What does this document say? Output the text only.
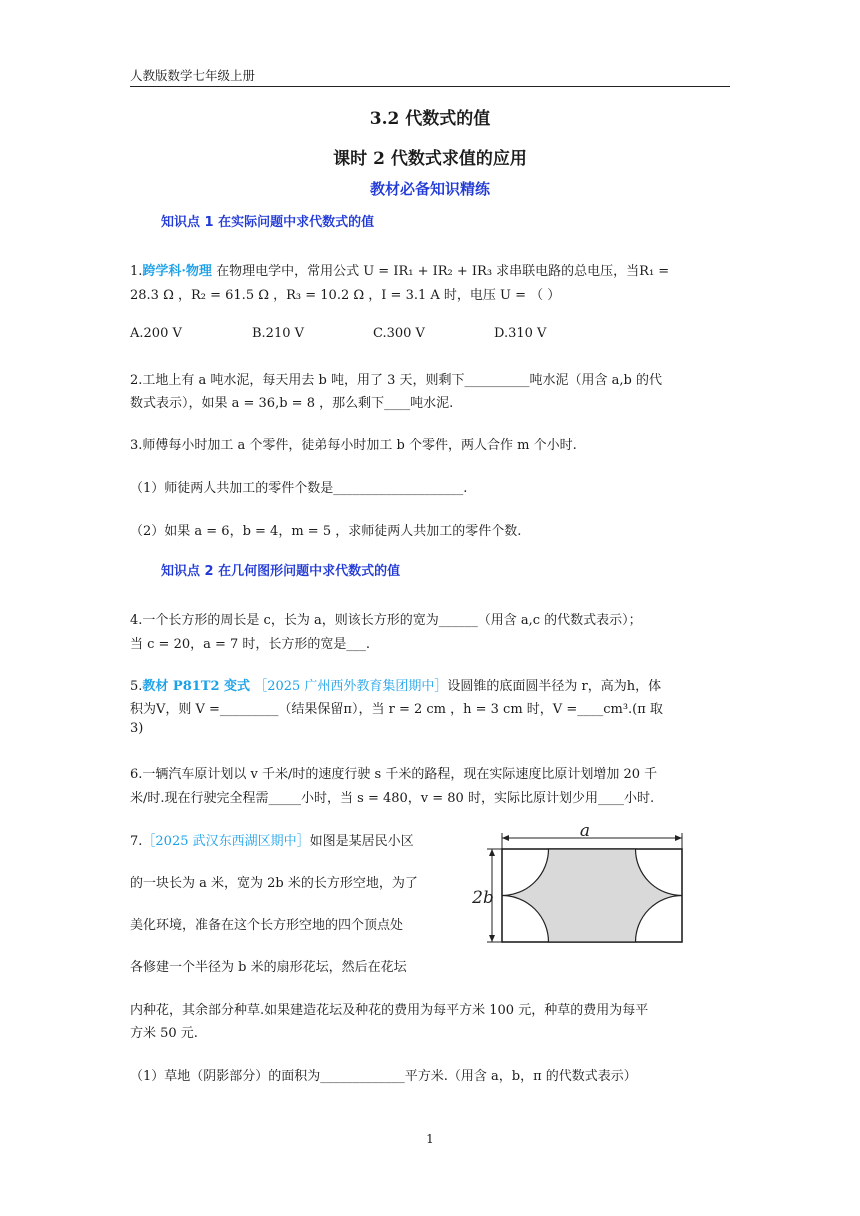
人教版数学七年级上册
3.2 代数式的值
课时 2 代数式求值的应用
教材必备知识精练
知识点 1 在实际问题中求代数式的值
1.跨学科·物理 在物理电学中，常用公式 U = IR₁ + IR₂ + IR₃ 求串联电路的总电压，当R₁ =
28.3 Ω ，R₂ = 61.5 Ω ，R₃ = 10.2 Ω ，I = 3.1 A 时，电压 U = （ ）
A.200 V	B.210 V	C.300 V	D.310 V
2.工地上有 a 吨水泥，每天用去 b 吨，用了 3 天，则剩下__________吨水泥（用含 a,b 的代
数式表示），如果 a = 36,b = 8 ，那么剩下____吨水泥.
3.师傅每小时加工 a 个零件，徒弟每小时加工 b 个零件，两人合作 m 个小时.
（1）师徒两人共加工的零件个数是____________________.
（2）如果 a = 6，b = 4，m = 5 ，求师徒两人共加工的零件个数.
知识点 2 在几何图形问题中求代数式的值
4.一个长方形的周长是 c，长为 a，则该长方形的宽为______（用含 a,c 的代数式表示）；
当 c = 20，a = 7 时，长方形的宽是___.
5.教材 P81T2 变式 ［2025 广州西外教育集团期中］设圆锥的底面圆半径为 r，高为h，体
积为V，则 V =_________（结果保留π），当 r = 2 cm ，h = 3 cm 时，V =____cm³.(π 取
3)
6.一辆汽车原计划以 v 千米/时的速度行驶 s 千米的路程，现在实际速度比原计划增加 20 千
米/时.现在行驶完全程需_____小时，当 s = 480，v = 80 时，实际比原计划少用____小时.
7.［2025 武汉东西湖区期中］如图是某居民小区
的一块长为 a 米，宽为 2b 米的长方形空地，为了
美化环境，准备在这个长方形空地的四个顶点处
各修建一个半径为 b 米的扇形花坛，然后在花坛
内种花，其余部分种草.如果建造花坛及种花的费用为每平方米 100 元，种草的费用为每平
方米 50 元.
（1）草地（阴影部分）的面积为_____________平方米.（用含 a，b，π 的代数式表示）
a
2b
1
